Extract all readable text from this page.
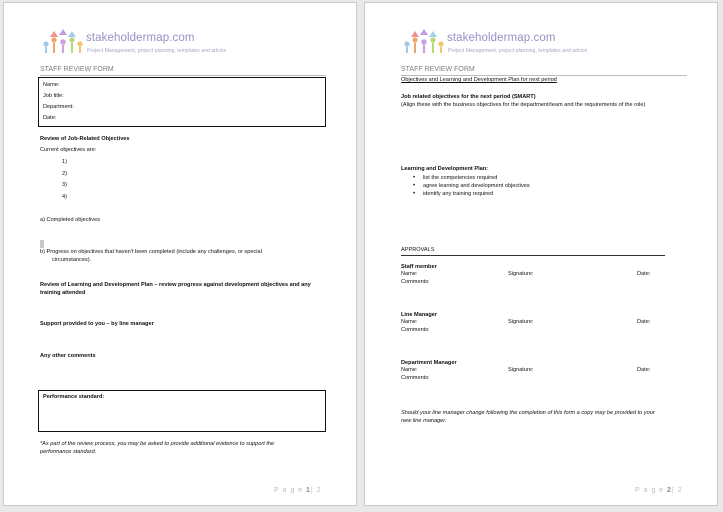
stakeholdermap.com
Project Management, project planning, templates and advice
STAFF REVIEW FORM
Name:
Job title:
Department:
Date:
Review of Job-Related Objectives
Current objectives are:
1)
2)
3)
4)
a) Completed objectives
b) Progress on objectives that haven't been completed (include any challenges, or special
circumstances).
Review of Learning and Development Plan – review progress against development objectives and any
training attended
Support provided to you – by line manager
Any other comments
Performance standard:
*As part of the review process, you may be asked to provide additional evidence to support the
performance standard.
P a g e 1| 2
stakeholdermap.com
Project Management, project planning, templates and advice
STAFF REVIEW FORM
Objectives and Learning and Development Plan for next period
Job related objectives for the next period (SMART)
(Align these with the business objectives for the department/team and the requirements of the role)
Learning and Development Plan:
• list the competencies required
• agree learning and development objectives
• identify any training required
APPROVALS
Staff member
Name:	Signature:	Date:
Comments:
Line Manager
Name:	Signature:	Date:
Comments:
Department Manager
Name:	Signature:	Date:
Comments:
Should your line manager change following the completion of this form a copy may be provided to your
new line manager.
P a g e 2| 2
